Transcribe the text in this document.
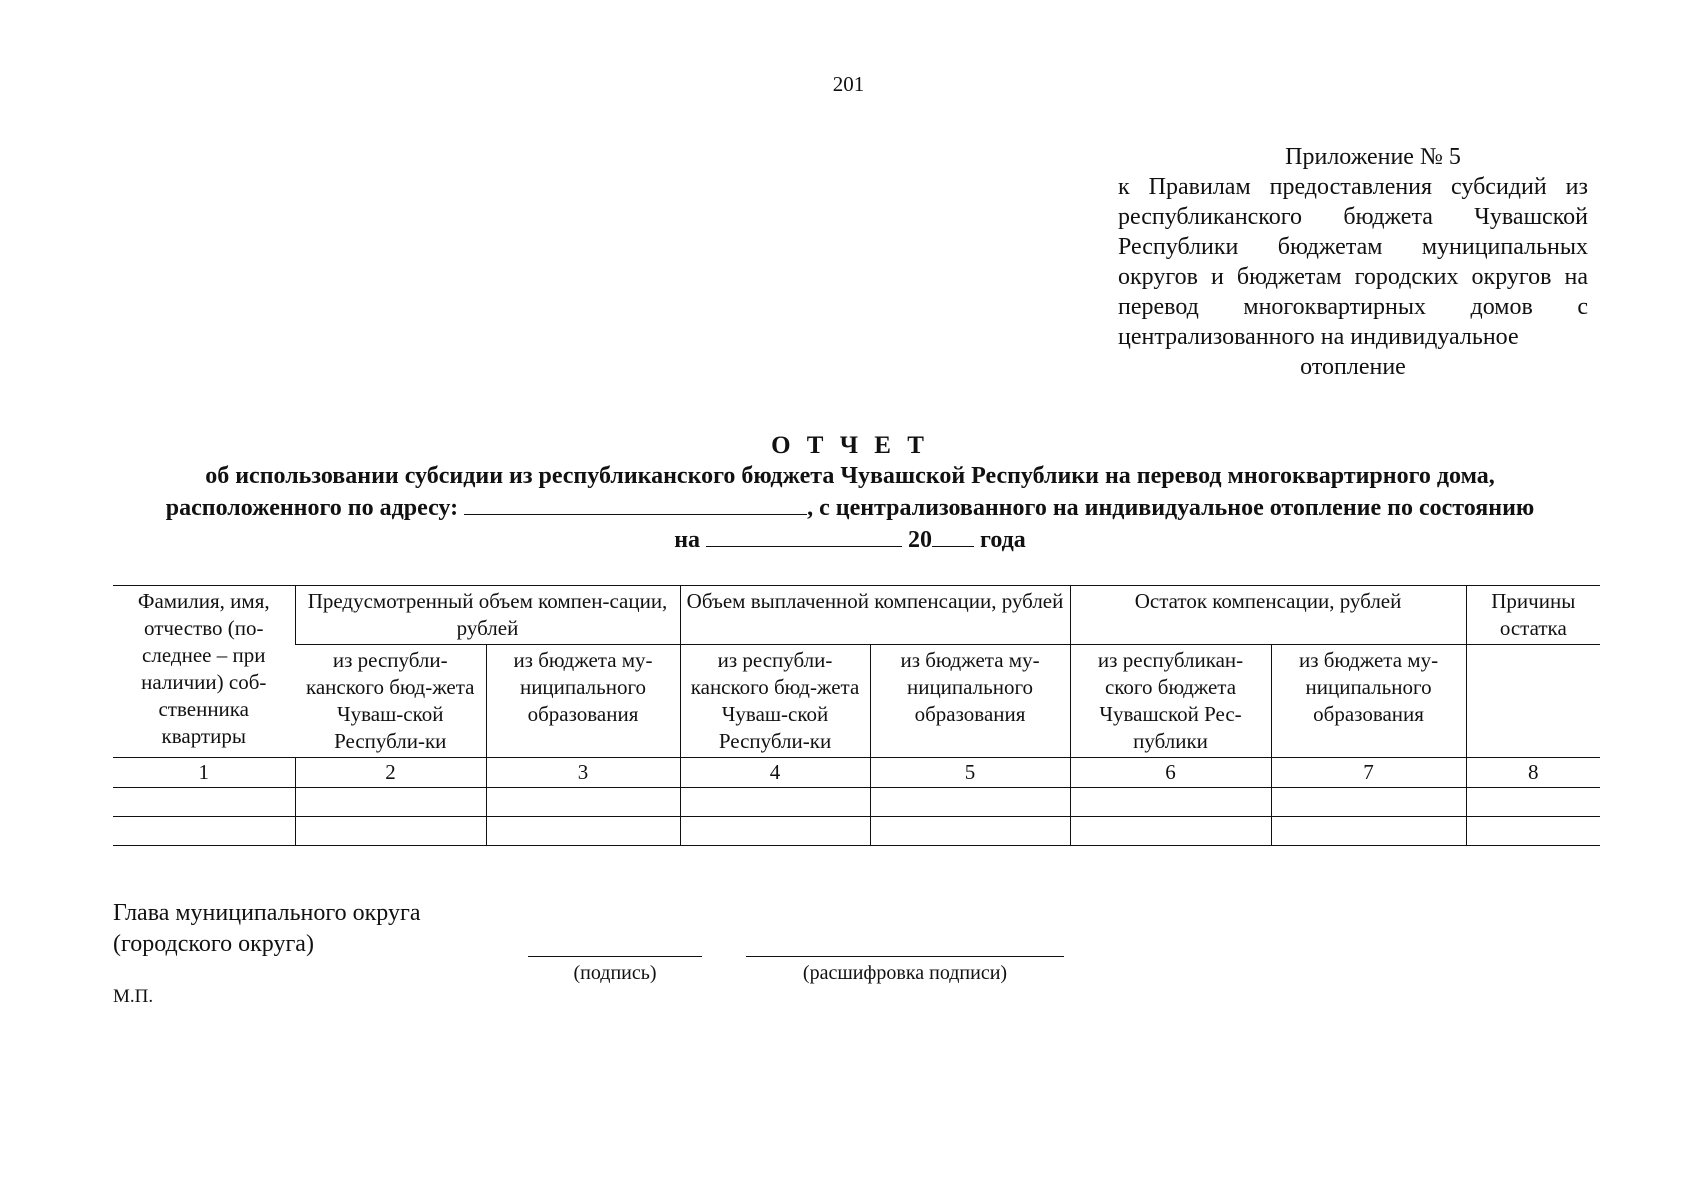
201
Приложение № 5
к Правилам предоставления субсидий из республиканского бюджета Чувашской Республики бюджетам муниципальных округов и бюджетам городских округов на перевод многоквартирных домов с централизованного на индивидуальное
отопление
О Т Ч Е Т
об использовании субсидии из республиканского бюджета Чувашской Республики на перевод многоквартирного дома,
расположенного по адресу:	, с централизованного на индивидуальное отопление по состоянию
на	20 года
Фамилия, имя, отчество (по-следнее – при наличии) соб-ственника квартиры	Предусмотренный объем компен-сации, рублей		Объем выплаченной компенсации, рублей		Остаток компенсации, рублей		Причины остатка
	из республи-канского бюд-жета Чуваш-ской Республи-ки	из бюджета му-ниципального образования	из республи-канского бюд-жета Чуваш-ской Республи-ки	из бюджета му-ниципального образования	из республикан-ского бюджета Чувашской Рес-публики	из бюджета му-ниципального образования	
1	2	3	4	5	6	7	8

Глава муниципального округа
(городского округа)
(подпись)	(расшифровка подписи)
М.П.
